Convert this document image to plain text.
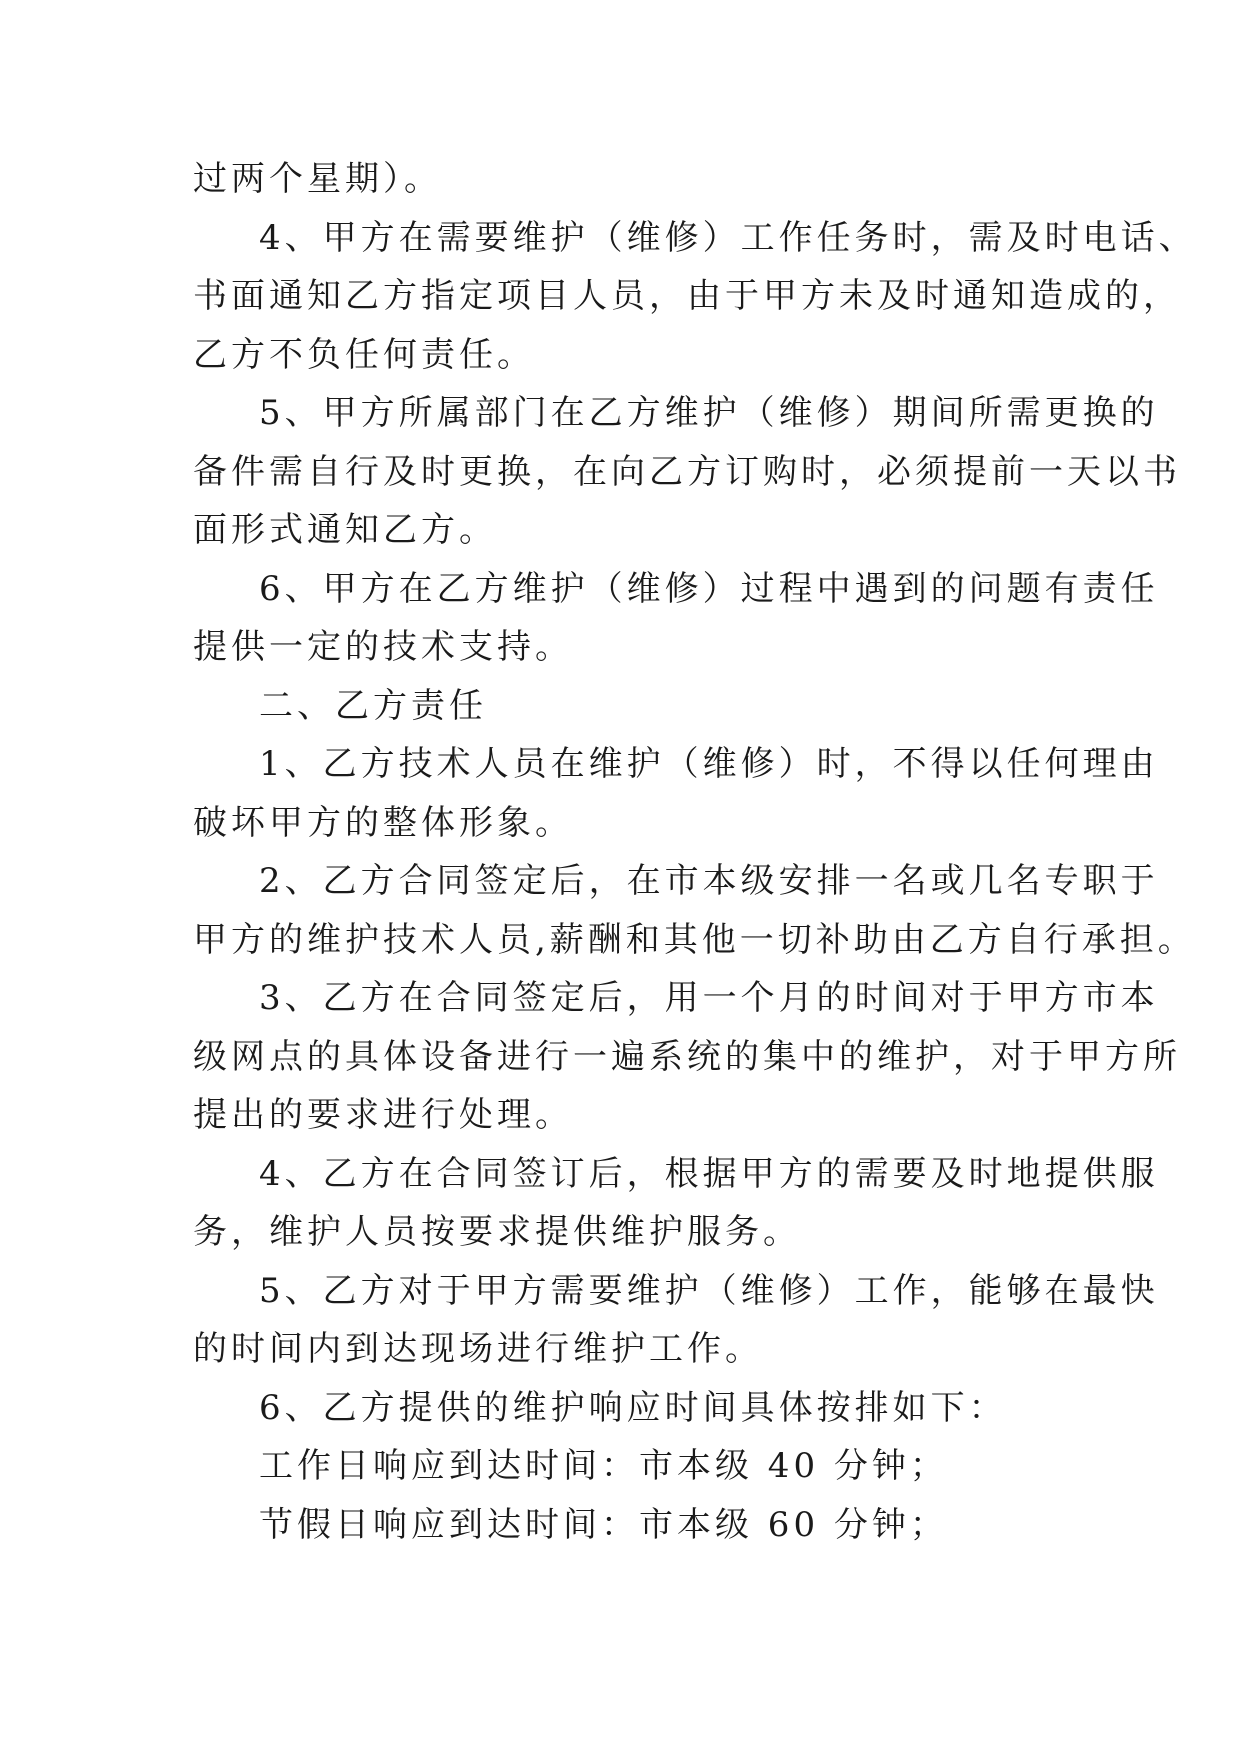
过两个星期）。

4、甲方在需要维护（维修）工作任务时，需及时电话、
书面通知乙方指定项目人员，由于甲方未及时通知造成的，
乙方不负任何责任。

5、甲方所属部门在乙方维护（维修）期间所需更换的
备件需自行及时更换，在向乙方订购时，必须提前一天以书
面形式通知乙方。

6、甲方在乙方维护（维修）过程中遇到的问题有责任
提供一定的技术支持。

二、乙方责任

1、乙方技术人员在维护（维修）时，不得以任何理由
破坏甲方的整体形象。

2、乙方合同签定后，在市本级安排一名或几名专职于
甲方的维护技术人员,薪酬和其他一切补助由乙方自行承担。

3、乙方在合同签定后，用一个月的时间对于甲方市本
级网点的具体设备进行一遍系统的集中的维护，对于甲方所
提出的要求进行处理。

4、乙方在合同签订后，根据甲方的需要及时地提供服
务，维护人员按要求提供维护服务。

5、乙方对于甲方需要维护（维修）工作，能够在最快
的时间内到达现场进行维护工作。

6、乙方提供的维护响应时间具体按排如下：

工作日响应到达时间：市本级 40 分钟；

节假日响应到达时间：市本级 60 分钟；
